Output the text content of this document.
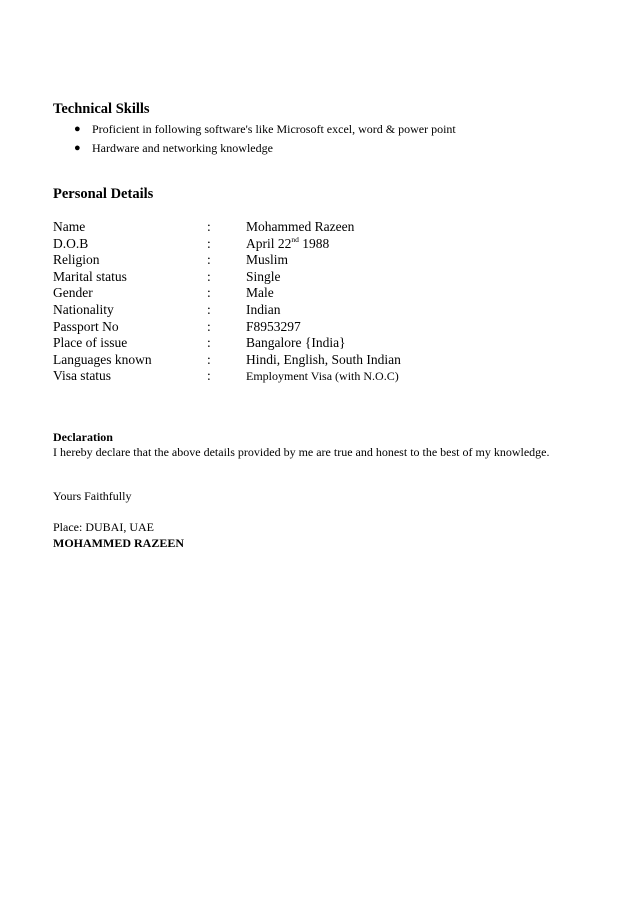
Technical Skills
● Proficient in following software's like Microsoft excel, word & power point
● Hardware and networking knowledge
Personal Details
Name	:	Mohammed Razeen
D.O.B	:	April 22nd 1988
Religion	:	Muslim
Marital status	:	Single
Gender	:	Male
Nationality	:	Indian
Passport No	:	F8953297
Place of issue	:	Bangalore {India}
Languages known	:	Hindi, English, South Indian
Visa status	:	Employment Visa (with N.O.C)

Declaration

I hereby declare that the above details provided by me are true and honest to the best of my knowledge.

Yours Faithfully

Place: DUBAI, UAE

MOHAMMED RAZEEN
